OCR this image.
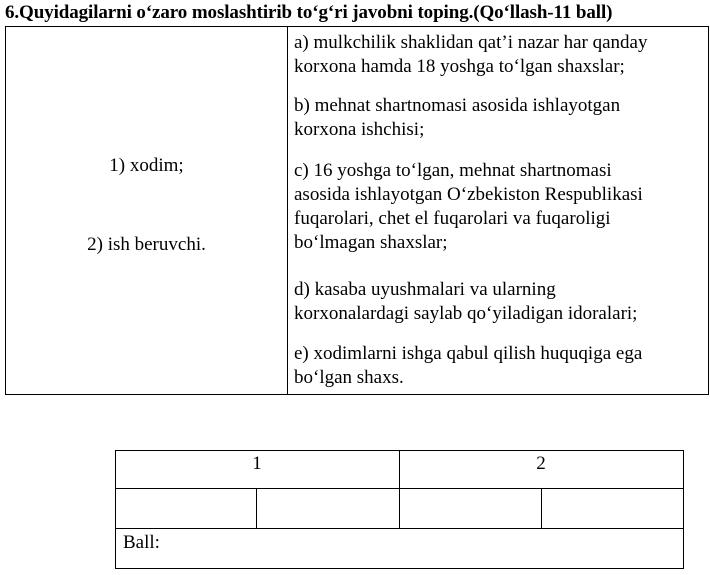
6.Quyidagilarni o‘zaro moslashtirib to‘g‘ri javobni toping.(Qo‘llash-11 ball)
1) xodim;
2) ish beruvchi.
a) mulkchilik shaklidan qat’i nazar har qanday
korxona hamda 18 yoshga to‘lgan shaxslar;
b) mehnat shartnomasi asosida ishlayotgan
korxona ishchisi;
c) 16 yoshga to‘lgan, mehnat shartnomasi
asosida ishlayotgan O‘zbekiston Respublikasi
fuqarolari, chet el fuqarolari va fuqaroligi
bo‘lmagan shaxslar;
d) kasaba uyushmalari va ularning
korxonalardagi saylab qo‘yiladigan idoralari;
e) xodimlarni ishga qabul qilish huquqiga ega
bo‘lgan shaxs.
1	2
Ball:
